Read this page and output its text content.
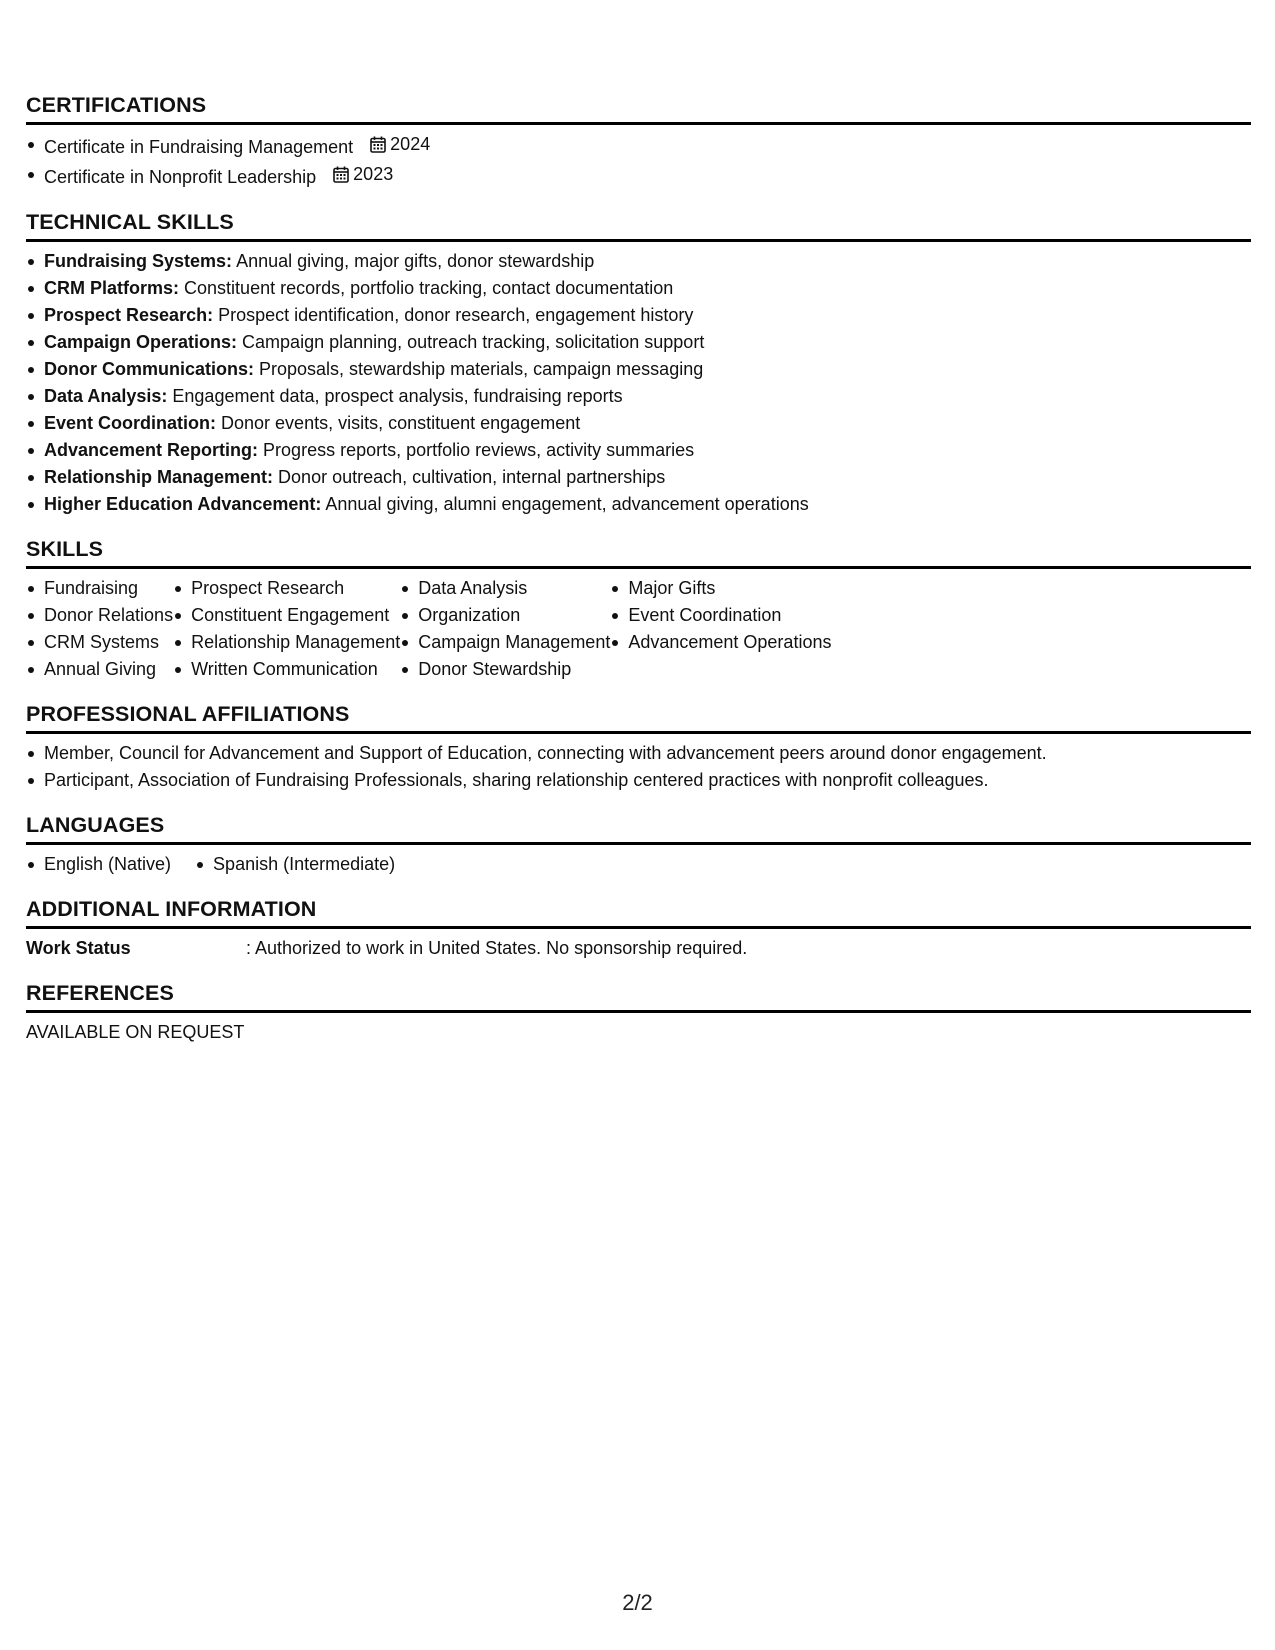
CERTIFICATIONS
Certificate in Fundraising Management 2024
Certificate in Nonprofit Leadership 2023
TECHNICAL SKILLS
Fundraising Systems: Annual giving, major gifts, donor stewardship
CRM Platforms: Constituent records, portfolio tracking, contact documentation
Prospect Research: Prospect identification, donor research, engagement history
Campaign Operations: Campaign planning, outreach tracking, solicitation support
Donor Communications: Proposals, stewardship materials, campaign messaging
Data Analysis: Engagement data, prospect analysis, fundraising reports
Event Coordination: Donor events, visits, constituent engagement
Advancement Reporting: Progress reports, portfolio reviews, activity summaries
Relationship Management: Donor outreach, cultivation, internal partnerships
Higher Education Advancement: Annual giving, alumni engagement, advancement operations
SKILLS
Fundraising
Donor Relations
CRM Systems
Annual Giving
Prospect Research
Constituent Engagement
Relationship Management
Written Communication
Data Analysis
Organization
Campaign Management
Donor Stewardship
Major Gifts
Event Coordination
Advancement Operations
PROFESSIONAL AFFILIATIONS
Member, Council for Advancement and Support of Education, connecting with advancement peers around donor engagement.
Participant, Association of Fundraising Professionals, sharing relationship centered practices with nonprofit colleagues.
LANGUAGES
English (Native)	Spanish (Intermediate)
ADDITIONAL INFORMATION
Work Status	: Authorized to work in United States. No sponsorship required.
REFERENCES
AVAILABLE ON REQUEST
2/2
